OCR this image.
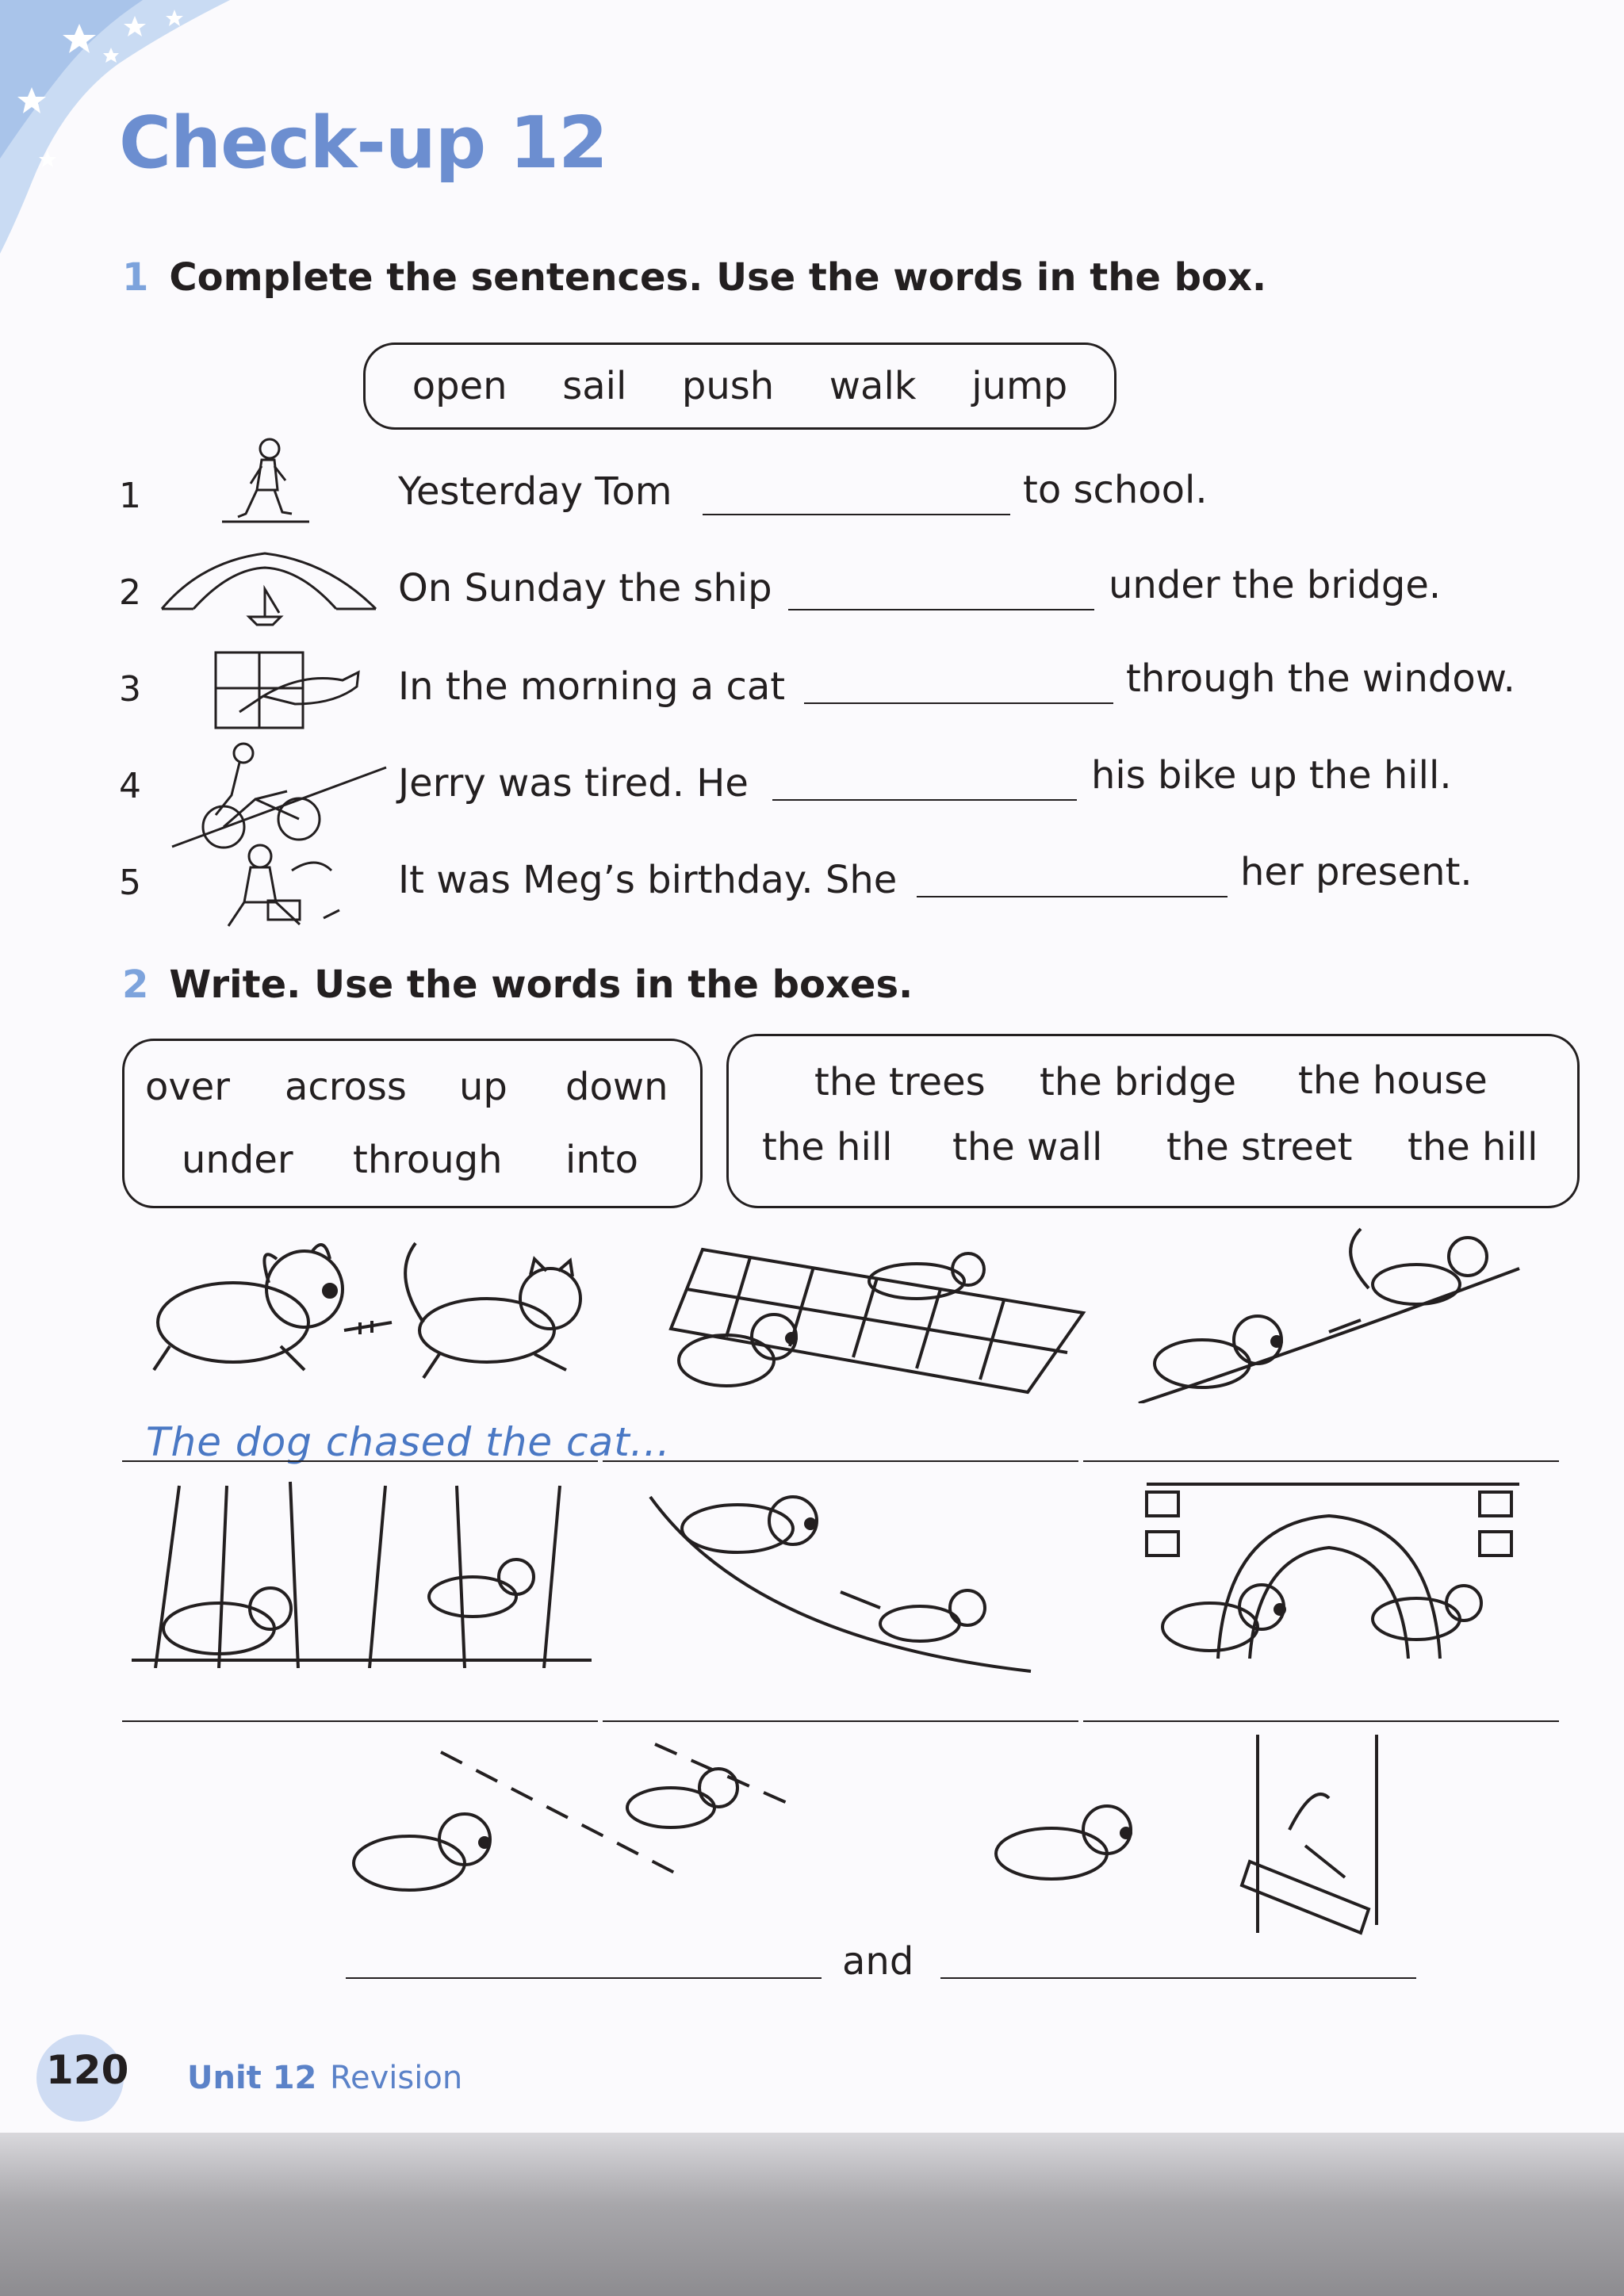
Check-up 12
1 Complete the sentences. Use the words in the box.
open sail push walk jump
1	Yesterday Tom	to school.
2	On Sunday the ship	under the bridge.
3	In the morning a cat	through the window.
4	Jerry was tired. He	his bike up the hill.
5	It was Meg’s birthday. She	her present.
2 Write. Use the words in the boxes.
over across up down
under through into
the trees the bridge the house
the hill the wall the street the hill
The dog chased the cat...
and
120 Unit 12 Revision
